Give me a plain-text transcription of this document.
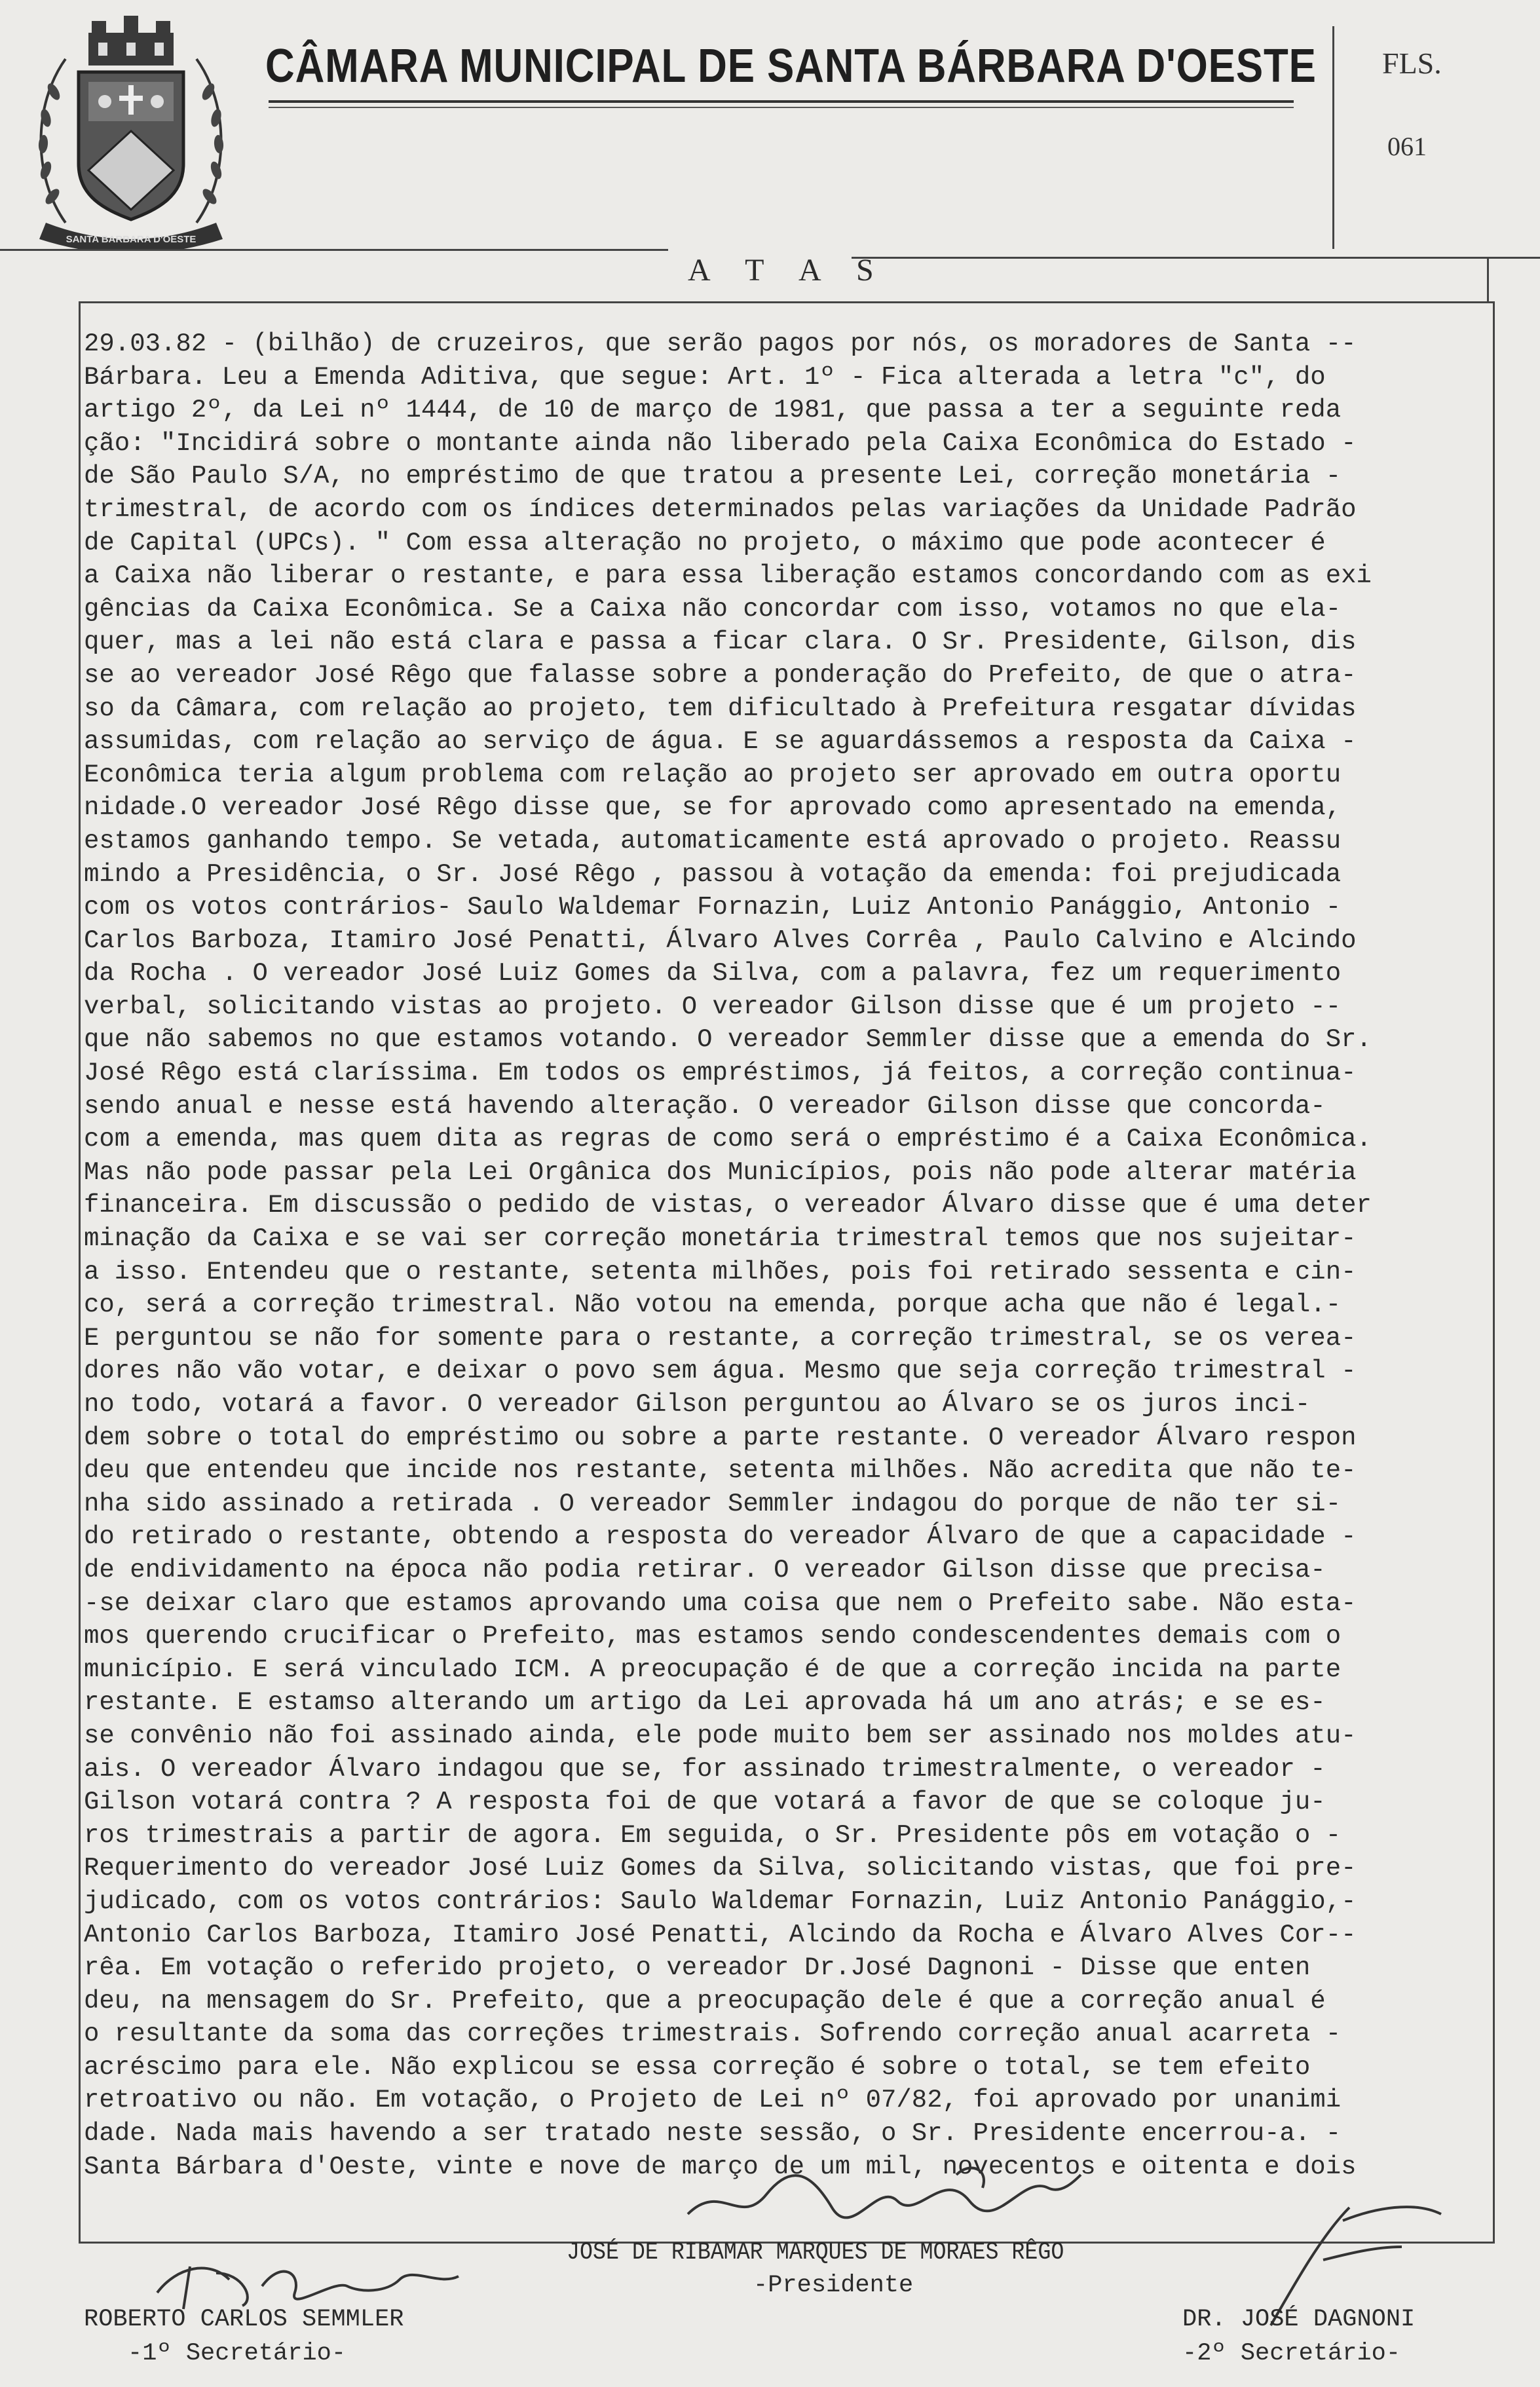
SANTA BARBARA D'OESTE
CÂMARA MUNICIPAL DE SANTA BÁRBARA D'OESTE FLS.
061
A T A S
29.03.82 - (bilhão) de cruzeiros, que serão pagos por nós, os moradores de Santa --
Bárbara. Leu a Emenda Aditiva, que segue: Art. 1º - Fica alterada a letra "c", do
artigo 2º, da Lei nº 1444, de 10 de março de 1981, que passa a ter a seguinte reda
ção: "Incidirá sobre o montante ainda não liberado pela Caixa Econômica do Estado -
de São Paulo S/A, no empréstimo de que tratou a presente Lei, correção monetária -
trimestral, de acordo com os índices determinados pelas variações da Unidade Padrão
de Capital (UPCs). " Com essa alteração no projeto, o máximo que pode acontecer é
a Caixa não liberar o restante, e para essa liberação estamos concordando com as exi
gências da Caixa Econômica. Se a Caixa não concordar com isso, votamos no que ela-
quer, mas a lei não está clara e passa a ficar clara. O Sr. Presidente, Gilson, dis
se ao vereador José Rêgo que falasse sobre a ponderação do Prefeito, de que o atra-
so da Câmara, com relação ao projeto, tem dificultado à Prefeitura resgatar dívidas
assumidas, com relação ao serviço de água. E se aguardássemos a resposta da Caixa -
Econômica teria algum problema com relação ao projeto ser aprovado em outra oportu
nidade.O vereador José Rêgo disse que, se for aprovado como apresentado na emenda,
estamos ganhando tempo. Se vetada, automaticamente está aprovado o projeto. Reassu
mindo a Presidência, o Sr. José Rêgo , passou à votação da emenda: foi prejudicada
com os votos contrários- Saulo Waldemar Fornazin, Luiz Antonio Panággio, Antonio -
Carlos Barboza, Itamiro José Penatti, Álvaro Alves Corrêa , Paulo Calvino e Alcindo
da Rocha . O vereador José Luiz Gomes da Silva, com a palavra, fez um requerimento
verbal, solicitando vistas ao projeto. O vereador Gilson disse que é um projeto --
que não sabemos no que estamos votando. O vereador Semmler disse que a emenda do Sr.
José Rêgo está claríssima. Em todos os empréstimos, já feitos, a correção continua-
sendo anual e nesse está havendo alteração. O vereador Gilson disse que concorda-
com a emenda, mas quem dita as regras de como será o empréstimo é a Caixa Econômica.
Mas não pode passar pela Lei Orgânica dos Municípios, pois não pode alterar matéria
financeira. Em discussão o pedido de vistas, o vereador Álvaro disse que é uma deter
minação da Caixa e se vai ser correção monetária trimestral temos que nos sujeitar-
a isso. Entendeu que o restante, setenta milhões, pois foi retirado sessenta e cin-
co, será a correção trimestral. Não votou na emenda, porque acha que não é legal.-
E perguntou se não for somente para o restante, a correção trimestral, se os verea-
dores não vão votar, e deixar o povo sem água. Mesmo que seja correção trimestral -
no todo, votará a favor. O vereador Gilson perguntou ao Álvaro se os juros inci-
dem sobre o total do empréstimo ou sobre a parte restante. O vereador Álvaro respon
deu que entendeu que incide nos restante, setenta milhões. Não acredita que não te-
nha sido assinado a retirada . O vereador Semmler indagou do porque de não ter si-
do retirado o restante, obtendo a resposta do vereador Álvaro de que a capacidade -
de endividamento na época não podia retirar. O vereador Gilson disse que precisa-
-se deixar claro que estamos aprovando uma coisa que nem o Prefeito sabe. Não esta-
mos querendo crucificar o Prefeito, mas estamos sendo condescendentes demais com o
município. E será vinculado ICM. A preocupação é de que a correção incida na parte
restante. E estamso alterando um artigo da Lei aprovada há um ano atrás; e se es-
se convênio não foi assinado ainda, ele pode muito bem ser assinado nos moldes atu-
ais. O vereador Álvaro indagou que se, for assinado trimestralmente, o vereador -
Gilson votará contra ? A resposta foi de que votará a favor de que se coloque ju-
ros trimestrais a partir de agora. Em seguida, o Sr. Presidente pôs em votação o -
Requerimento do vereador José Luiz Gomes da Silva, solicitando vistas, que foi pre-
judicado, com os votos contrários: Saulo Waldemar Fornazin, Luiz Antonio Panággio,-
Antonio Carlos Barboza, Itamiro José Penatti, Alcindo da Rocha e Álvaro Alves Cor--
rêa. Em votação o referido projeto, o vereador Dr.José Dagnoni - Disse que enten
deu, na mensagem do Sr. Prefeito, que a preocupação dele é que a correção anual é
o resultante da soma das correções trimestrais. Sofrendo correção anual acarreta -
acréscimo para ele. Não explicou se essa correção é sobre o total, se tem efeito
retroativo ou não. Em votação, o Projeto de Lei nº 07/82, foi aprovado por unanimi
dade. Nada mais havendo a ser tratado neste sessão, o Sr. Presidente encerrou-a. -
Santa Bárbara d'Oeste, vinte e nove de março de um mil, novecentos e oitenta e dois
JOSÉ DE RIBAMAR MARQUES DE MORAES RÊGO
-Presidente
ROBERTO CARLOS SEMMLER
-1º Secretário-
DR. JOSÉ DAGNONI
-2º Secretário-
